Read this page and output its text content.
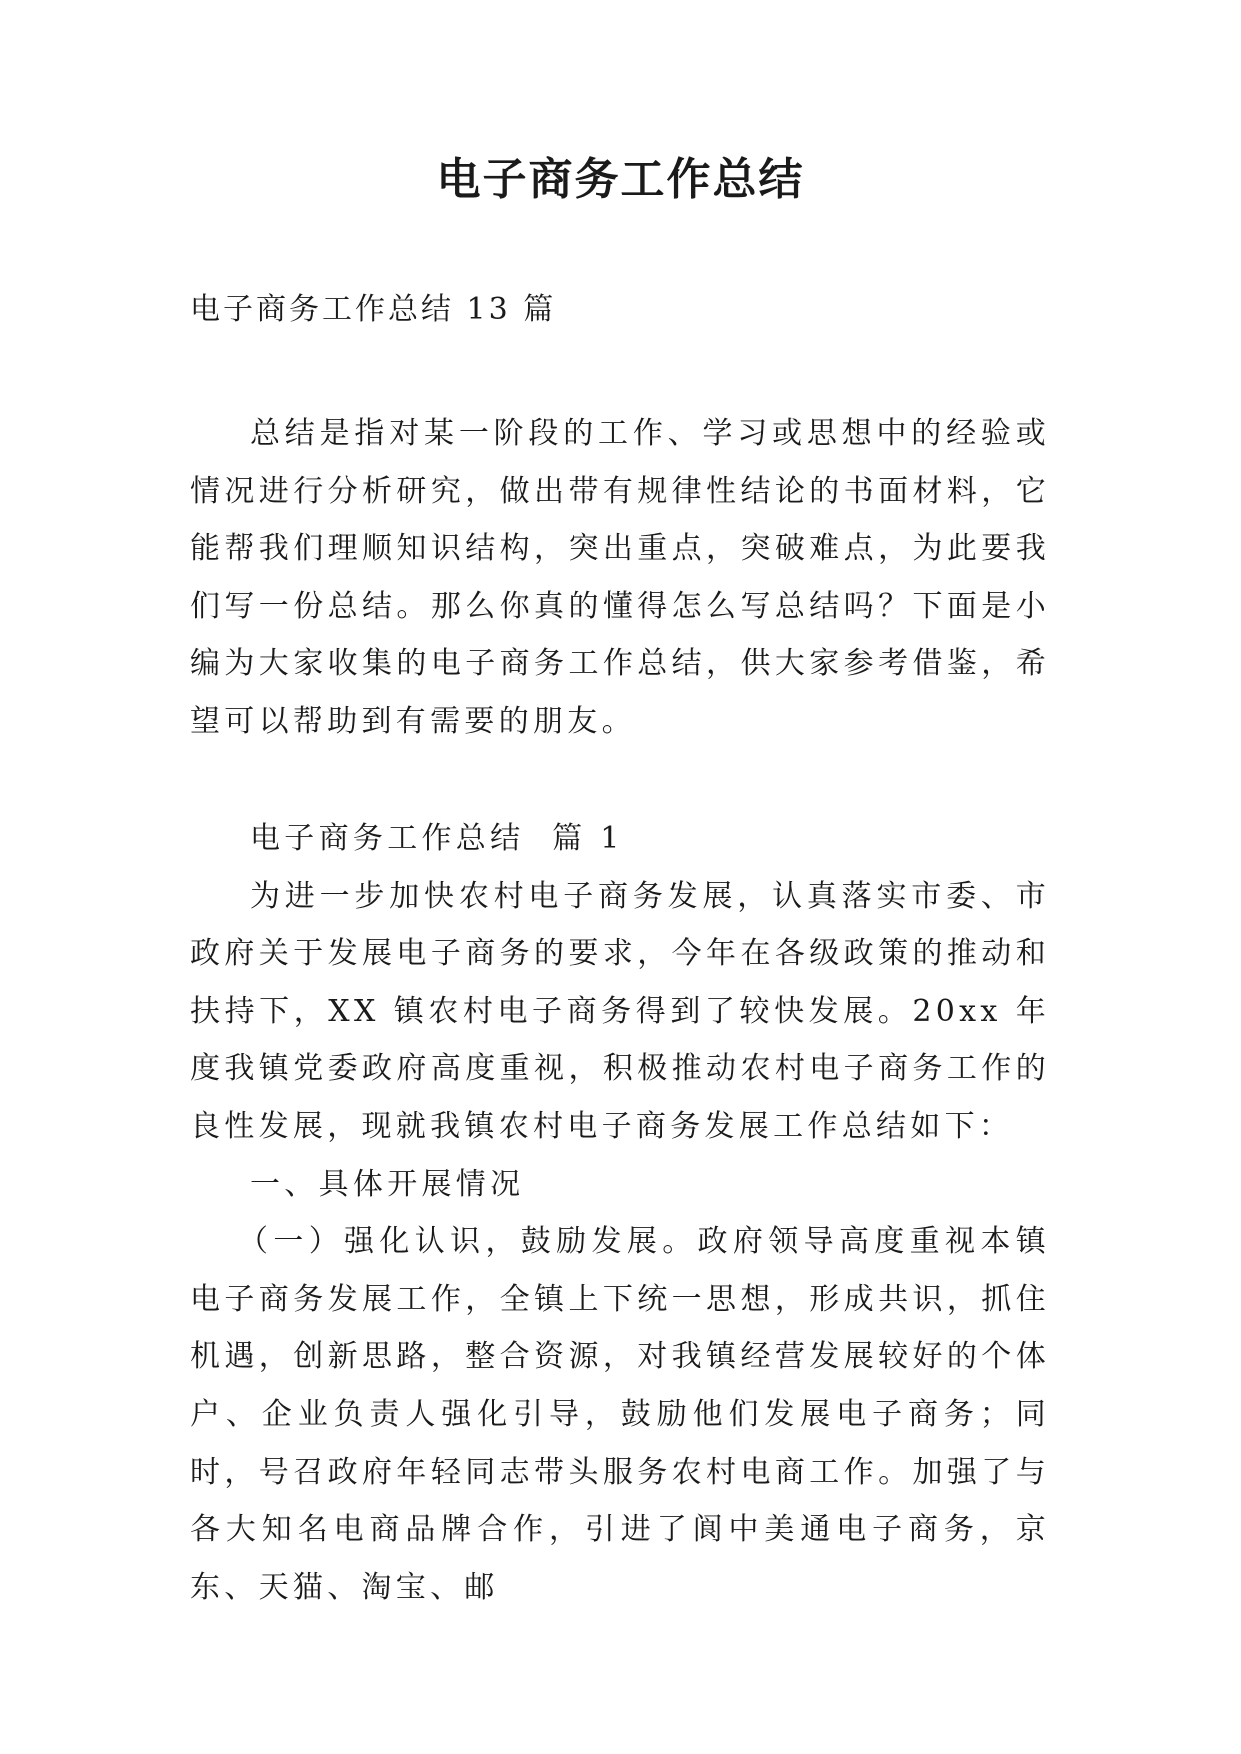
电子商务工作总结

电子商务工作总结 13 篇

总结是指对某一阶段的工作、学习或思想中的经验或情况进行分析研究，做出带有规律性结论的书面材料，它能帮我们理顺知识结构，突出重点，突破难点，为此要我们写一份总结。那么你真的懂得怎么写总结吗？下面是小编为大家收集的电子商务工作总结，供大家参考借鉴，希望可以帮助到有需要的朋友。

电子商务工作总结  篇 1

为进一步加快农村电子商务发展，认真落实市委、市政府关于发展电子商务的要求，今年在各级政策的推动和扶持下，XX 镇农村电子商务得到了较快发展。20xx 年度我镇党委政府高度重视，积极推动农村电子商务工作的良性发展，现就我镇农村电子商务发展工作总结如下：

一、具体开展情况

（一）强化认识，鼓励发展。政府领导高度重视本镇电子商务发展工作，全镇上下统一思想，形成共识，抓住机遇，创新思路，整合资源，对我镇经营发展较好的个体户、企业负责人强化引导，鼓励他们发展电子商务；同时，号召政府年轻同志带头服务农村电商工作。加强了与各大知名电商品牌合作，引进了阆中美通电子商务，京东、天猫、淘宝、邮
